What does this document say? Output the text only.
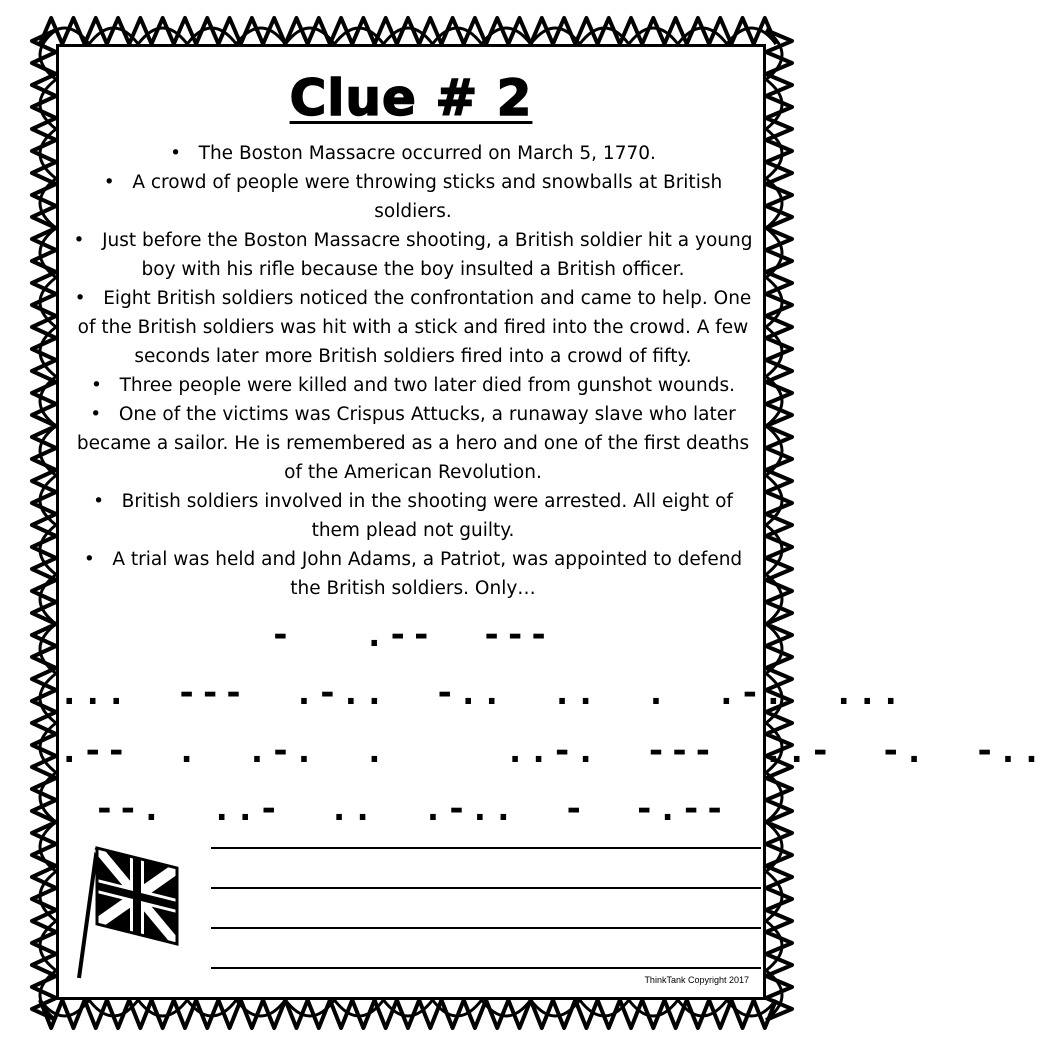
Clue # 2
•   The Boston Massacre occurred on March 5, 1770.
•   A crowd of people were throwing sticks and snowballs at British soldiers.
•   Just before the Boston Massacre shooting, a British soldier hit a young boy with his rifle because the boy insulted a British officer.
•   Eight British soldiers noticed the confrontation and came to help. One of the British soldiers was hit with a stick and fired into the crowd. A few seconds later more British soldiers fired into a crowd of fifty.
•   Three people were killed and two later died from gunshot wounds.
•   One of the victims was Crispus Attucks, a runaway slave who later became a sailor. He is remembered as a hero and one of the first deaths of the American Revolution.
•   British soldiers involved in the shooting were arrested. All eight of them plead not guilty.
•   A trial was held and John Adams, a Patriot, was appointed to defend the British soldiers. Only…
-   .--  ---
...  ---  .-..  -..  ..  .  .-.  ...
.--  .  .-.  .     ..-.  ---  ..-  -.  -..
--.  ..-  ..  .-..  -  -.--
ThinkTank Copyright 2017
